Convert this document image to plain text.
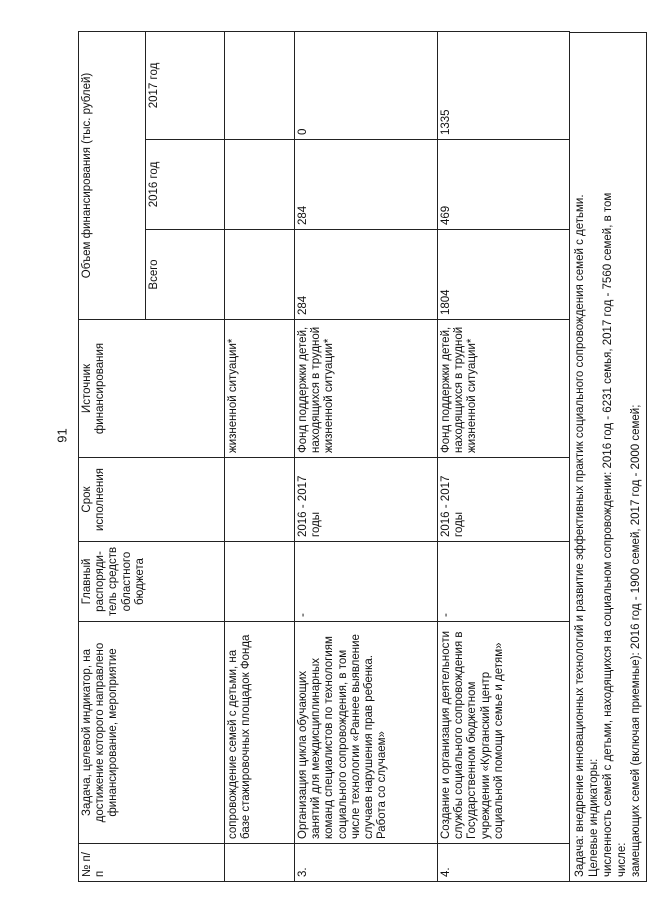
91
№ п/п	Задача, целевой индикатор, на достижение которого направлено финансирование, мероприятие	Главный распоряди- тель средств областного бюджета	Срок исполнения	Источник финансирования	Объем финансирования (тыс. рублей)		
					Всего	2016 год	2017 год
	сопровождение семей с детьми, на базе стажировочных площадок Фонда			жизненной ситуации*			
3.	Организация цикла обучающих занятий для междисциплинарных команд специалистов по технологиям социального сопровождения, в том числе технологии «Раннее выявление случаев нарушения прав ребенка. Работа со случаем»	-	2016 - 2017 годы	Фонд поддержки детей, находящихся в трудной жизненной ситуации*	284	284	0
4.	Создание и организация деятельности службы социального сопровождения в Государственном бюджетном учреждении «Курганский центр социальной помощи семье и детям»	-	2016 - 2017 годы	Фонд поддержки детей, находящихся в трудной жизненной ситуации*	1804	469	1335
Задача: внедрение инновационных технологий и развитие эффективных практик социального сопровождения семей с детьми. Целевые индикаторы: численность семей с детьми, находящихся на социальном сопровождении: 2016 год - 6231 семья, 2017 год - 7560 семей, в том числе: замещающих семей (включая приемные): 2016 год - 1900 семей, 2017 год - 2000 семей;
